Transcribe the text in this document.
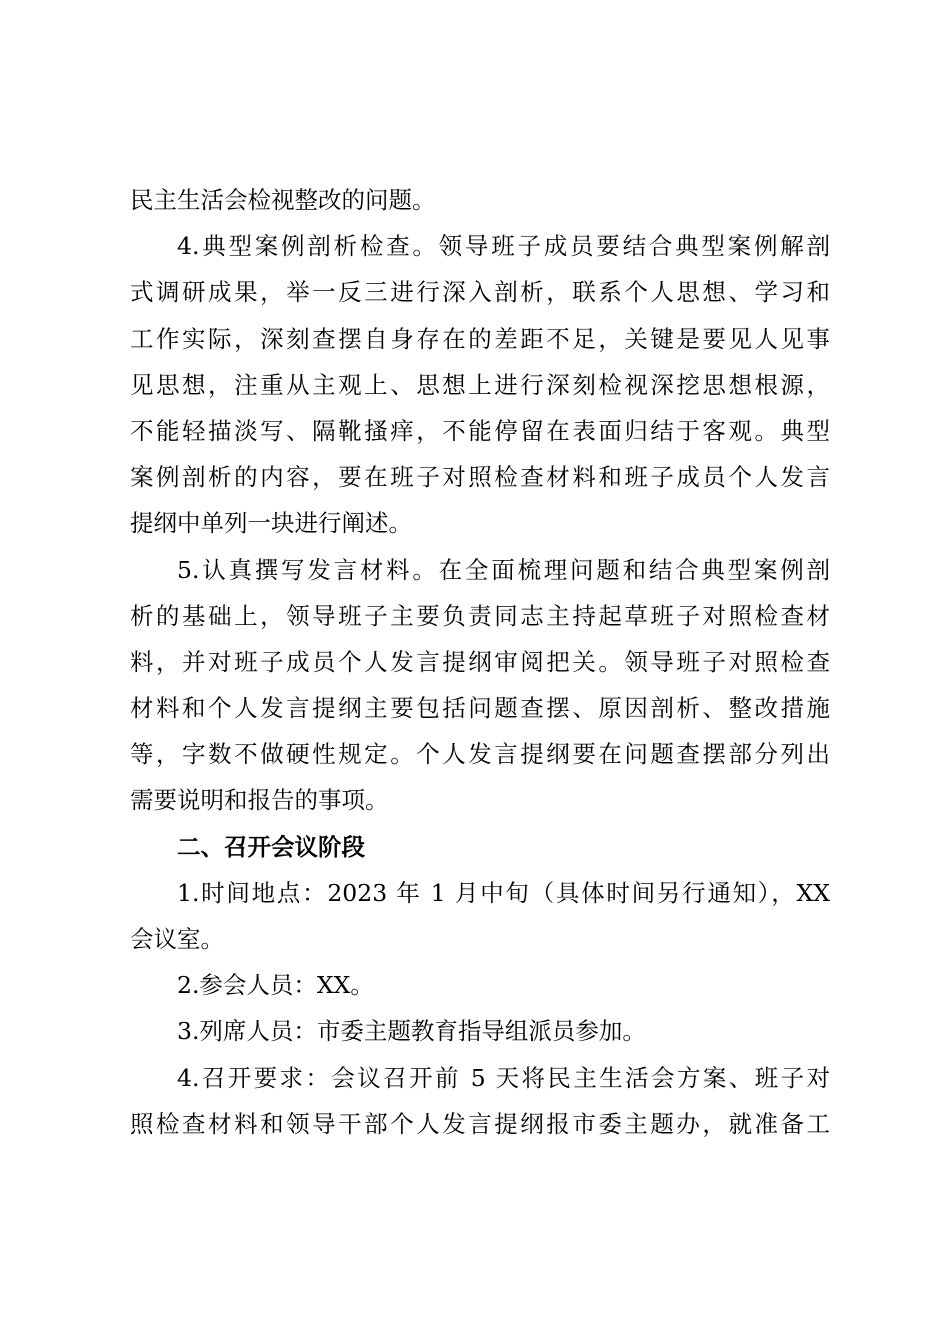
民主生活会检视整改的问题。
4.典型案例剖析检查。领导班子成员要结合典型案例解剖
式调研成果，举一反三进行深入剖析，联系个人思想、学习和
工作实际，深刻查摆自身存在的差距不足，关键是要见人见事
见思想，注重从主观上、思想上进行深刻检视深挖思想根源，
不能轻描淡写、隔靴搔痒，不能停留在表面归结于客观。典型
案例剖析的内容，要在班子对照检查材料和班子成员个人发言
提纲中单列一块进行阐述。
5.认真撰写发言材料。在全面梳理问题和结合典型案例剖
析的基础上，领导班子主要负责同志主持起草班子对照检查材
料，并对班子成员个人发言提纲审阅把关。领导班子对照检查
材料和个人发言提纲主要包括问题查摆、原因剖析、整改措施
等，字数不做硬性规定。个人发言提纲要在问题查摆部分列出
需要说明和报告的事项。
二、召开会议阶段
1.时间地点：2023 年 1 月中旬（具体时间另行通知），XX
会议室。
2.参会人员：XX。
3.列席人员：市委主题教育指导组派员参加。
4.召开要求：会议召开前 5 天将民主生活会方案、班子对
照检查材料和领导干部个人发言提纲报市委主题办，就准备工
